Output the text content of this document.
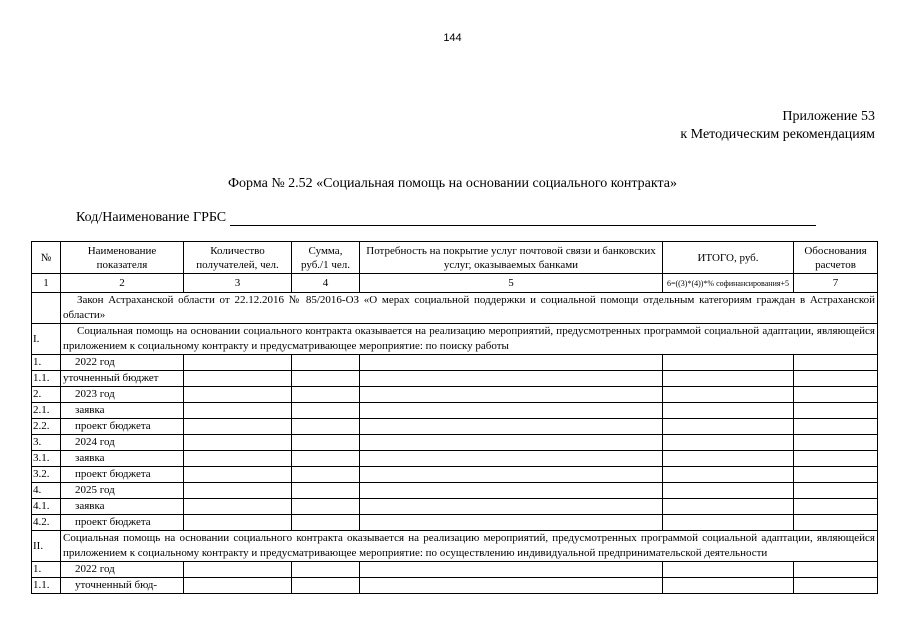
144
Приложение 53
к Методическим рекомендациям
Форма № 2.52 «Социальная помощь на основании социального контракта»
Код/Наименование ГРБС
№	Наименование показателя	Количество получателей, чел.	Сумма, руб./1 чел.	Потребность на покрытие услуг почтовой связи и банковских услуг, оказываемых банками	ИТОГО, руб.	Обоснования расчетов
1	2	3	4	5	6=((3)*(4))*% софинансирования+5	7
	Закон Астраханской области от 22.12.2016 № 85/2016-ОЗ «О мерах социальной поддержки и социальной помощи отдельным категориям граждан в Астраханской области»					
I.	Социальная помощь на основании социального контракта оказывается на реализацию мероприятий, предусмотренных программой социальной адаптации, являющейся приложением к социальному контракту и предусматривающее мероприятие: по поиску работы					
1.	2022 год					
1.1.	уточненный бюджет					
2.	2023 год					
2.1.	заявка					
2.2.	проект бюджета					
3.	2024 год					
3.1.	заявка					
3.2.	проект бюджета					
4.	2025 год					
4.1.	заявка					
4.2.	проект бюджета					
II.	Социальная помощь на основании социального контракта оказывается на реализацию мероприятий, предусмотренных программой социальной адаптации, являющейся приложением к социальному контракту и предусматривающее мероприятие: по осуществлению индивидуальной предпринимательской деятельности					
1.	2022 год					
1.1.	уточненный бюд-					
